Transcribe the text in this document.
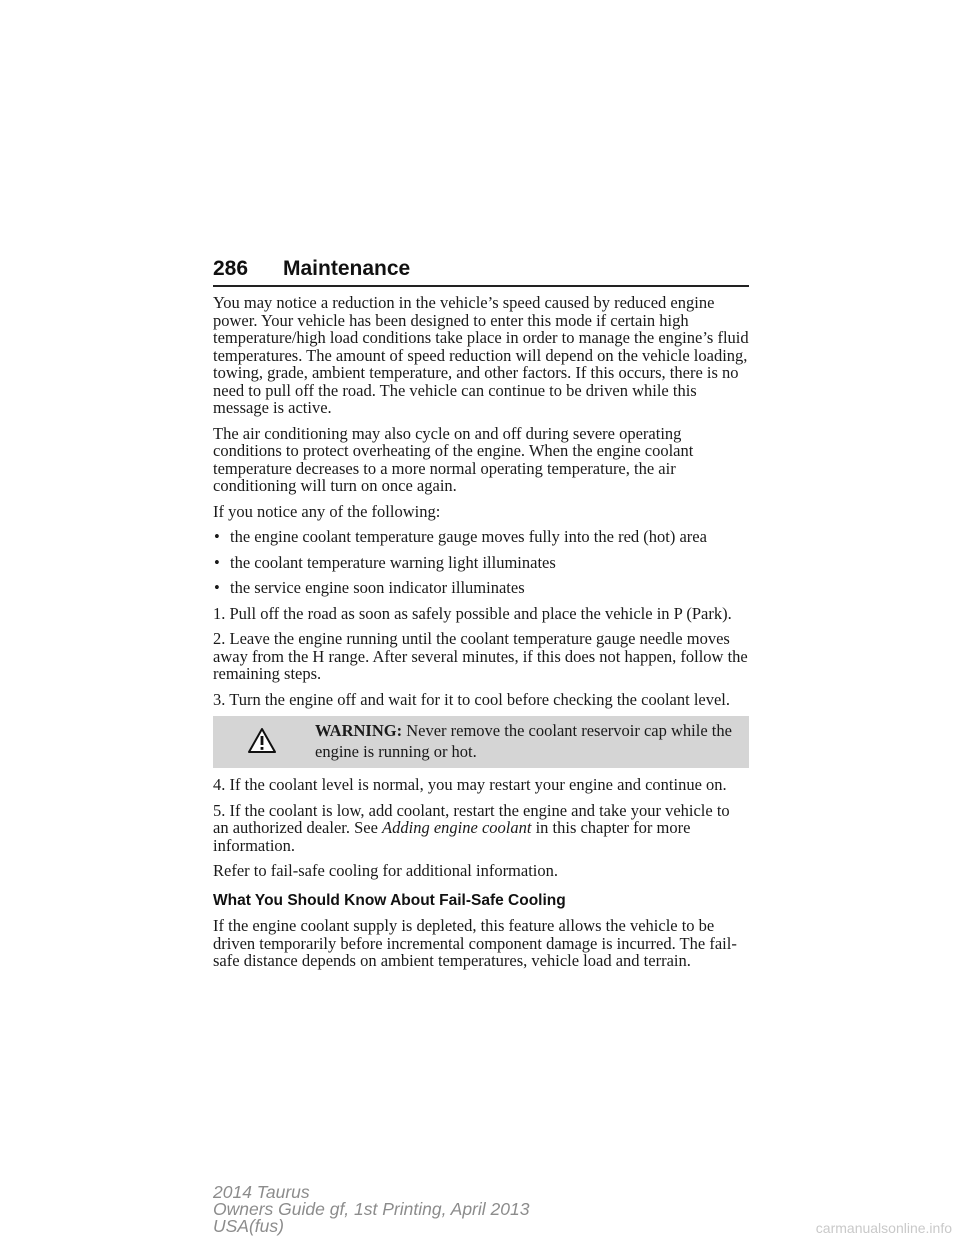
286	Maintenance

You may notice a reduction in the vehicle’s speed caused by reduced engine power. Your vehicle has been designed to enter this mode if certain high temperature/high load conditions take place in order to manage the engine’s fluid temperatures. The amount of speed reduction will depend on the vehicle loading, towing, grade, ambient temperature, and other factors. If this occurs, there is no need to pull off the road. The vehicle can continue to be driven while this message is active.

The air conditioning may also cycle on and off during severe operating conditions to protect overheating of the engine. When the engine coolant temperature decreases to a more normal operating temperature, the air conditioning will turn on once again.

If you notice any of the following:

• the engine coolant temperature gauge moves fully into the red (hot) area
• the coolant temperature warning light illuminates
• the service engine soon indicator illuminates

1. Pull off the road as soon as safely possible and place the vehicle in P (Park).

2. Leave the engine running until the coolant temperature gauge needle moves away from the H range. After several minutes, if this does not happen, follow the remaining steps.

3. Turn the engine off and wait for it to cool before checking the coolant level.

WARNING: Never remove the coolant reservoir cap while the engine is running or hot.

4. If the coolant level is normal, you may restart your engine and continue on.

5. If the coolant is low, add coolant, restart the engine and take your vehicle to an authorized dealer. See Adding engine coolant in this chapter for more information.

Refer to fail-safe cooling for additional information.

What You Should Know About Fail-Safe Cooling

If the engine coolant supply is depleted, this feature allows the vehicle to be driven temporarily before incremental component damage is incurred. The fail-safe distance depends on ambient temperatures, vehicle load and terrain.

2014 Taurus
Owners Guide gf, 1st Printing, April 2013
USA(fus)	carmanualsonline.info
